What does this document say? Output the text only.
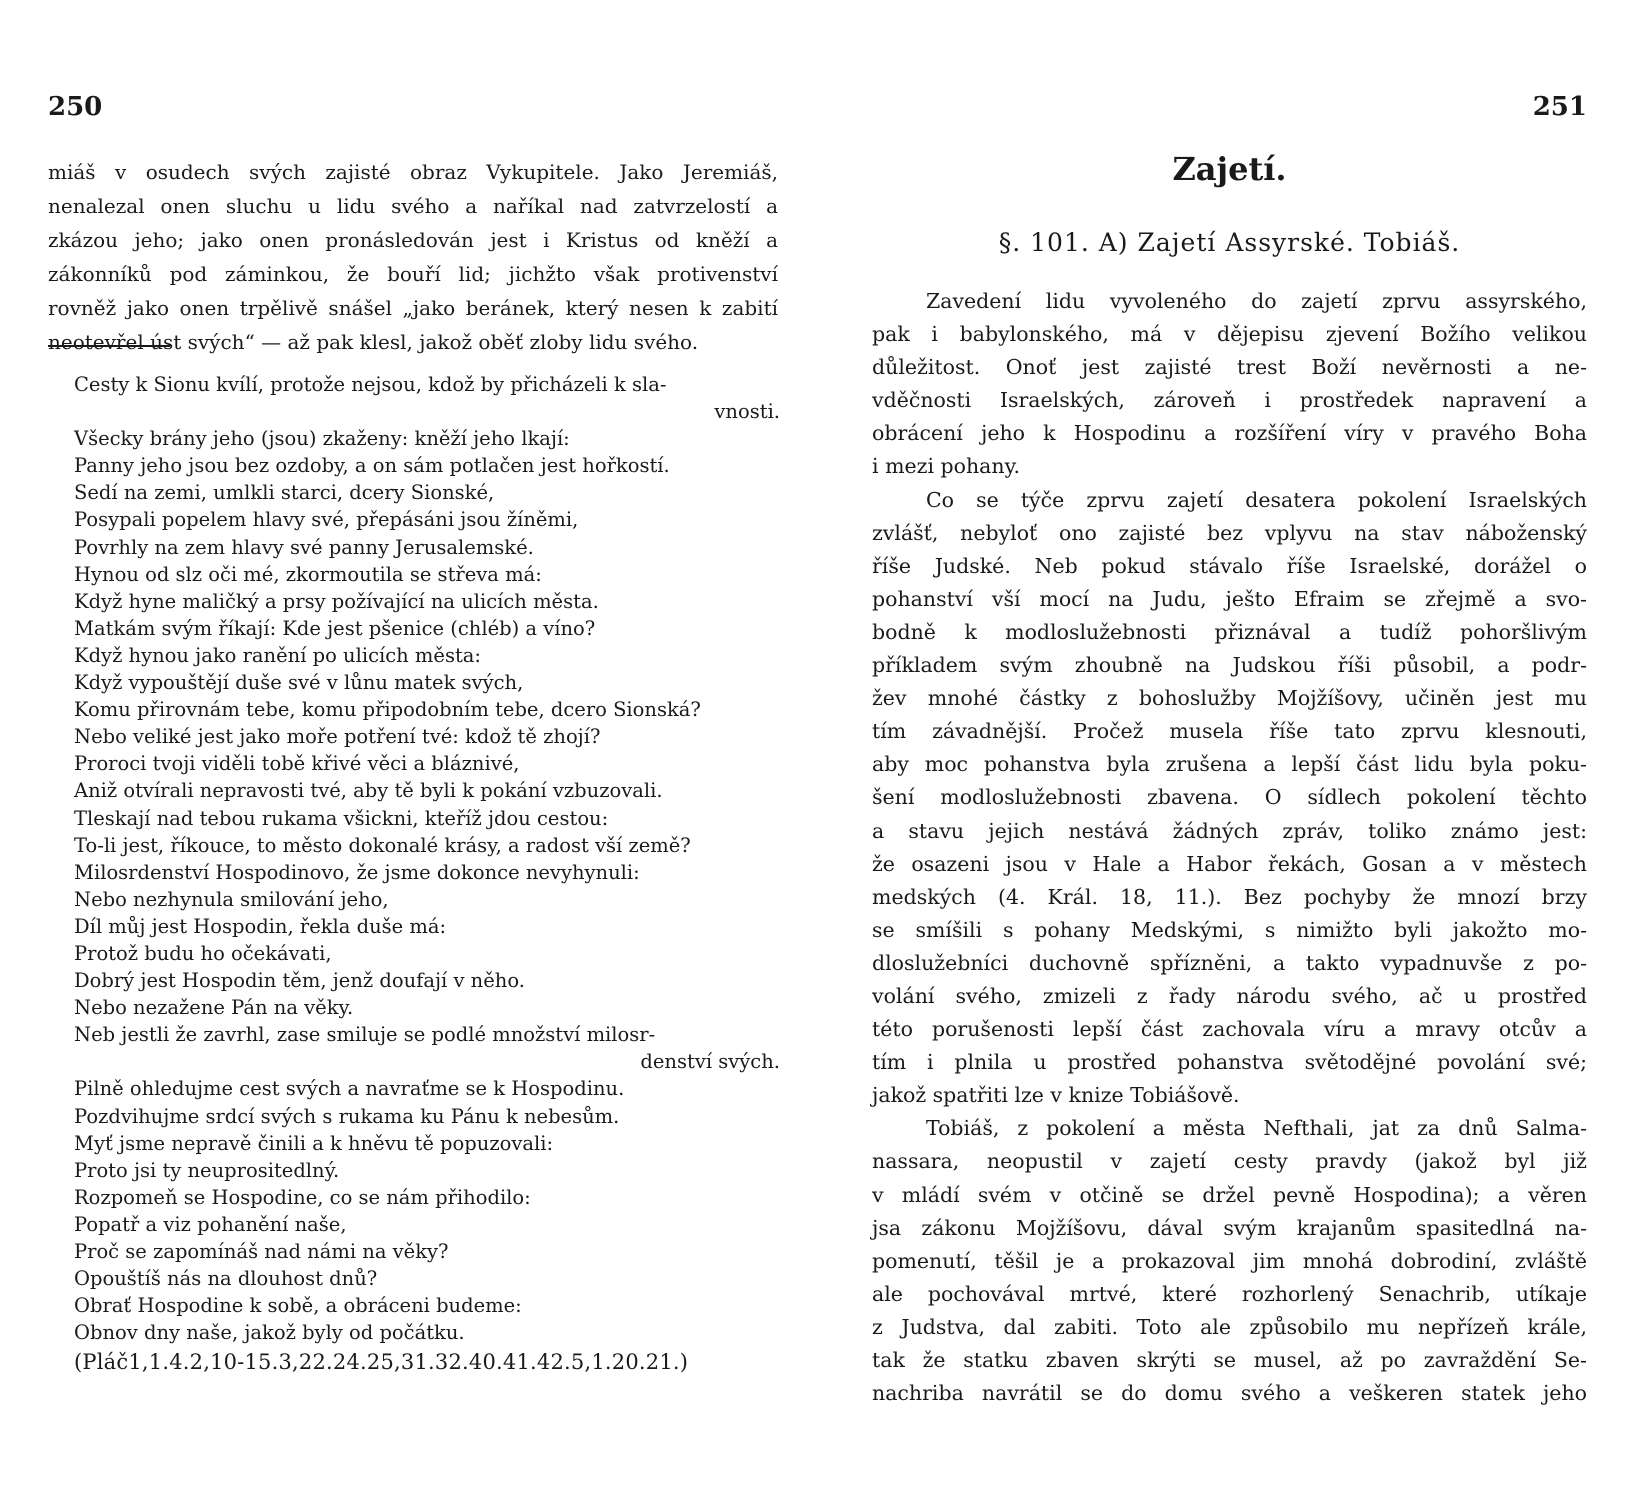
250
miáš v osudech svých zajisté obraz Vykupitele. Jako Jeremiáš,
nenalezal onen sluchu u lidu svého a naříkal nad zatvrzelostí a
zkázou jeho; jako onen pronásledován jest i Kristus od kněží a
zákonníků pod záminkou, že bouří lid; jichžto však protivenství
rovněž jako onen trpělivě snášel „jako beránek, který nesen k zabití
neotevřel úst svých“ — až pak klesl, jakož oběť zloby lidu svého.
Cesty k Sionu kvílí, protože nejsou, kdož by přicházeli k sla-
vnosti.
Všecky brány jeho (jsou) zkaženy: kněží jeho lkají:
Panny jeho jsou bez ozdoby, a on sám potlačen jest hořkostí.
Sedí na zemi, umlkli starci, dcery Sionské,
Posypali popelem hlavy své, přepásáni jsou žíněmi,
Povrhly na zem hlavy své panny Jerusalemské.
Hynou od slz oči mé, zkormoutila se střeva má:
Když hyne maličký a prsy požívající na ulicích města.
Matkám svým říkají: Kde jest pšenice (chléb) a víno?
Když hynou jako ranění po ulicích města:
Když vypouštějí duše své v lůnu matek svých,
Komu přirovnám tebe, komu připodobním tebe, dcero Sionská?
Nebo veliké jest jako moře potření tvé: kdož tě zhojí?
Proroci tvoji viděli tobě křivé věci a bláznivé,
Aniž otvírali nepravosti tvé, aby tě byli k pokání vzbuzovali.
Tleskají nad tebou rukama všickni, kteříž jdou cestou:
To-li jest, říkouce, to město dokonalé krásy, a radost vší země?
Milosrdenství Hospodinovo, že jsme dokonce nevyhynuli:
Nebo nezhynula smilování jeho,
Díl můj jest Hospodin, řekla duše má:
Protož budu ho očekávati,
Dobrý jest Hospodin těm, jenž doufají v něho.
Nebo nezažene Pán na věky.
Neb jestli že zavrhl, zase smiluje se podlé množství milosr-
denství svých.
Pilně ohledujme cest svých a navraťme se k Hospodinu.
Pozdvihujme srdcí svých s rukama ku Pánu k nebesům.
Myť jsme nepravě činili a k hněvu tě popuzovali:
Proto jsi ty neuprositedlný.
Rozpomeň se Hospodine, co se nám přihodilo:
Popatř a viz pohanění naše,
Proč se zapomínáš nad námi na věky?
Opouštíš nás na dlouhost dnů?
Obrať Hospodine k sobě, a obráceni budeme:
Obnov dny naše, jakož byly od počátku.
(Pláč1,1.4.2,10-15.3,22.24.25,31.32.40.41.42.5,1.20.21.)
251
Zajetí.
§. 101. A) Zajetí Assyrské. Tobiáš.
Zavedení lidu vyvoleného do zajetí zprvu assyrského,
pak i babylonského, má v dějepisu zjevení Božího velikou
důležitost. Onoť jest zajisté trest Boží nevěrnosti a ne-
vděčnosti Israelských, zároveň i prostředek napravení a
obrácení jeho k Hospodinu a rozšíření víry v pravého Boha
i mezi pohany.
Co se týče zprvu zajetí desatera pokolení Israelských
zvlášť, nebyloť ono zajisté bez vplyvu na stav náboženský
říše Judské. Neb pokud stávalo říše Israelské, dorážel o
pohanství vší mocí na Judu, ješto Efraim se zřejmě a svo-
bodně k modloslužebnosti přiznával a tudíž pohoršlivým
příkladem svým zhoubně na Judskou říši působil, a podr-
žev mnohé částky z bohoslužby Mojžíšovy, učiněn jest mu
tím závadnější. Pročež musela říše tato zprvu klesnouti,
aby moc pohanstva byla zrušena a lepší část lidu byla poku-
šení modloslužebnosti zbavena. O sídlech pokolení těchto
a stavu jejich nestává žádných zpráv, toliko známo jest:
že osazeni jsou v Hale a Habor řekách, Gosan a v městech
medských (4. Král. 18, 11.). Bez pochyby že mnozí brzy
se smíšili s pohany Medskými, s nimižto byli jakožto mo-
dloslužebníci duchovně spřízněni, a takto vypadnuvše z po-
volání svého, zmizeli z řady národu svého, ač u prostřed
této porušenosti lepší část zachovala víru a mravy otcův a
tím i plnila u prostřed pohanstva světodějné povolání své;
jakož spatřiti lze v knize Tobiášově.
Tobiáš, z pokolení a města Nefthali, jat za dnů Salma-
nassara, neopustil v zajetí cesty pravdy (jakož byl již
v mládí svém v otčině se držel pevně Hospodina); a věren
jsa zákonu Mojžíšovu, dával svým krajanům spasitedlná na-
pomenutí, těšil je a prokazoval jim mnohá dobrodiní, zvláště
ale pochovával mrtvé, které rozhorlený Senachrib, utíkaje
z Judstva, dal zabiti. Toto ale způsobilo mu nepřízeň krále,
tak že statku zbaven skrýti se musel, až po zavraždění Se-
nachriba navrátil se do domu svého a veškeren statek jeho
